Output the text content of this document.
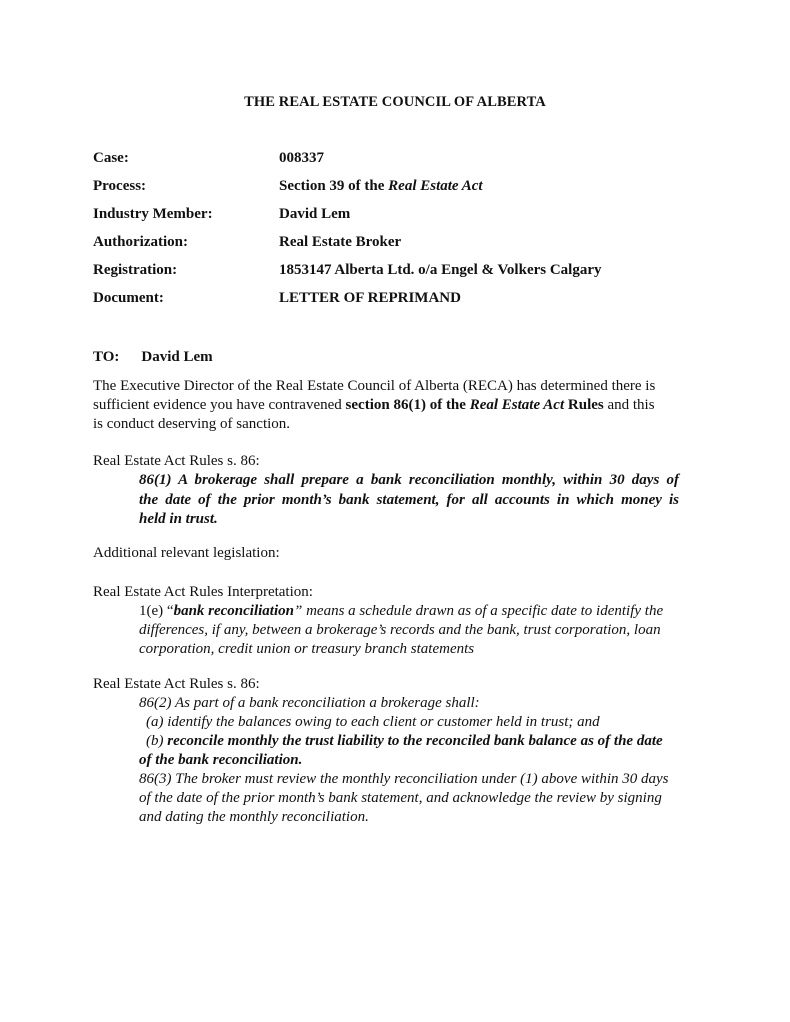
THE REAL ESTATE COUNCIL OF ALBERTA
Case:	008337
Process:	Section 39 of the Real Estate Act
Industry Member:	David Lem
Authorization:	Real Estate Broker
Registration:	1853147 Alberta Ltd. o/a Engel & Volkers Calgary
Document:	LETTER OF REPRIMAND
TO: David Lem
The Executive Director of the Real Estate Council of Alberta (RECA) has determined there is
sufficient evidence you have contravened section 86(1) of the Real Estate Act Rules and this
is conduct deserving of sanction.
Real Estate Act Rules s. 86:
86(1) A brokerage shall prepare a bank reconciliation monthly, within 30 days of
the date of the prior month’s bank statement, for all accounts in which money is
held in trust.
Additional relevant legislation:
Real Estate Act Rules Interpretation:
1(e) “bank reconciliation” means a schedule drawn as of a specific date to identify the
differences, if any, between a brokerage’s records and the bank, trust corporation, loan
corporation, credit union or treasury branch statements
Real Estate Act Rules s. 86:
86(2) As part of a bank reconciliation a brokerage shall:
(a) identify the balances owing to each client or customer held in trust; and
(b) reconcile monthly the trust liability to the reconciled bank balance as of the date
of the bank reconciliation.
86(3) The broker must review the monthly reconciliation under (1) above within 30 days
of the date of the prior month’s bank statement, and acknowledge the review by signing
and dating the monthly reconciliation.
